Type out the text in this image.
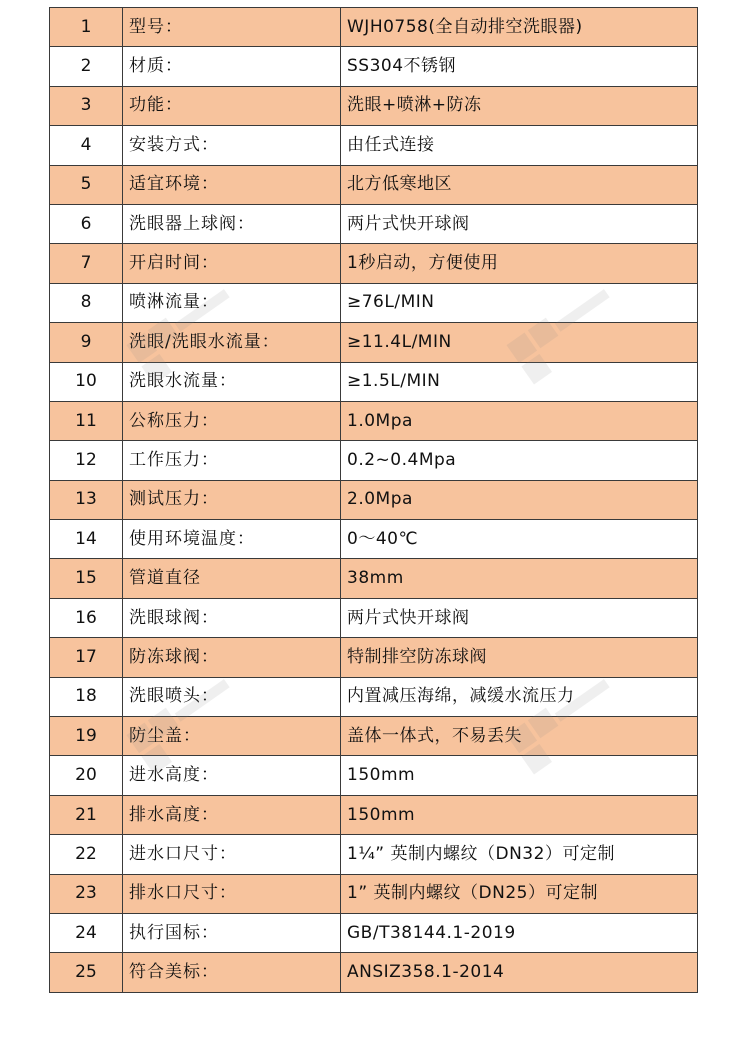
1	型号：	WJH0758(全自动排空洗眼器)
2	材质：	SS304不锈钢
3	功能：	洗眼+喷淋+防冻
4	安装方式：	由任式连接
5	适宜环境：	北方低寒地区
6	洗眼器上球阀：	两片式快开球阀
7	开启时间：	1秒启动，方便使用
8	喷淋流量：	≥76L/MIN
9	洗眼/洗眼水流量：	≥11.4L/MIN
10	洗眼水流量：	≥1.5L/MIN
11	公称压力：	1.0Mpa
12	工作压力：	0.2~0.4Mpa
13	测试压力：	2.0Mpa
14	使用环境温度：	0～40℃
15	管道直径	38mm
16	洗眼球阀：	两片式快开球阀
17	防冻球阀：	特制排空防冻球阀
18	洗眼喷头：	内置减压海绵，减缓水流压力
19	防尘盖：	盖体一体式，不易丢失
20	进水高度：	150mm
21	排水高度：	150mm
22	进水口尺寸：	1¼” 英制内螺纹（DN32）可定制
23	排水口尺寸：	1” 英制内螺纹（DN25）可定制
24	执行国标：	GB/T38144.1-2019
25	符合美标：	ANSIZ358.1-2014
